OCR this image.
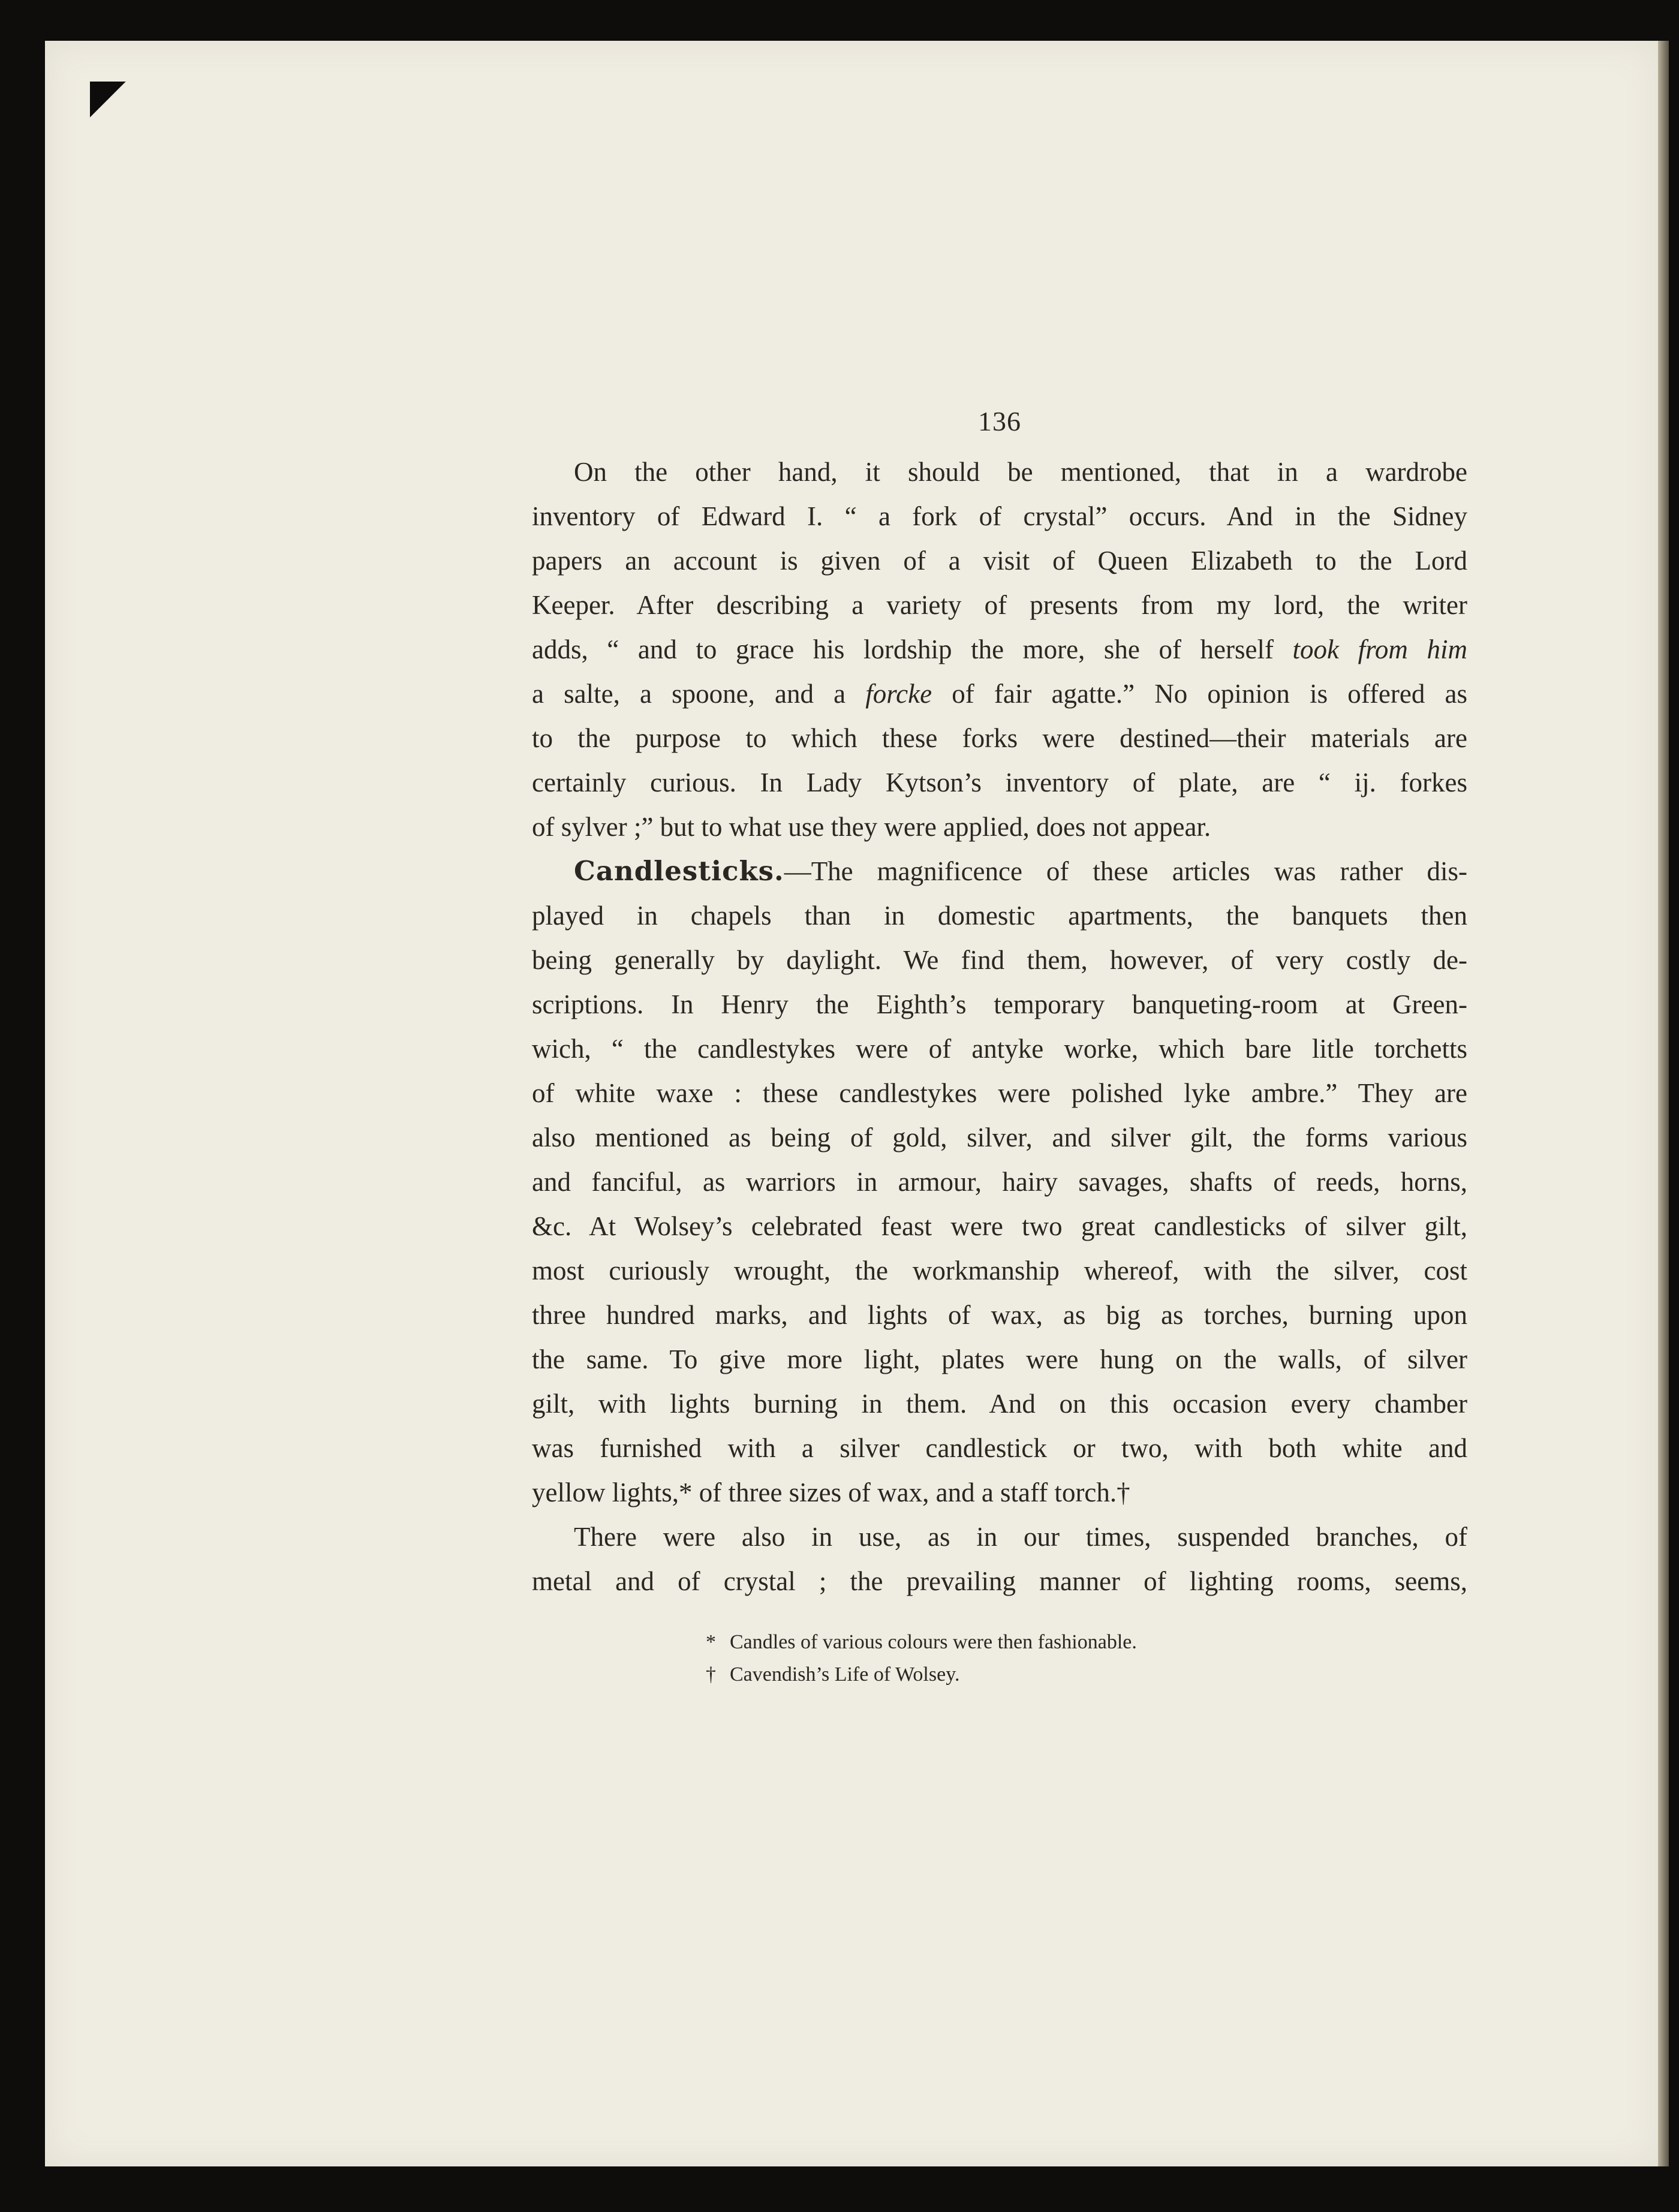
136
On the other hand, it should be mentioned, that in a wardrobe
inventory of Edward I. “ a fork of crystal” occurs. And in the Sidney
papers an account is given of a visit of Queen Elizabeth to the Lord
Keeper. After describing a variety of presents from my lord, the writer
adds, “ and to grace his lordship the more, she of herself took from him
a salte, a spoone, and a forcke of fair agatte.” No opinion is offered as
to the purpose to which these forks were destined—their materials are
certainly curious. In Lady Kytson’s inventory of plate, are “ ij. forkes
of sylver ;” but to what use they were applied, does not appear.
Candlesticks.—The magnificence of these articles was rather dis-
played in chapels than in domestic apartments, the banquets then
being generally by daylight. We find them, however, of very costly de-
scriptions. In Henry the Eighth’s temporary banqueting-room at Green-
wich, “ the candlestykes were of antyke worke, which bare litle torchetts
of white waxe : these candlestykes were polished lyke ambre.” They are
also mentioned as being of gold, silver, and silver gilt, the forms various
and fanciful, as warriors in armour, hairy savages, shafts of reeds, horns,
&c. At Wolsey’s celebrated feast were two great candlesticks of silver gilt,
most curiously wrought, the workmanship whereof, with the silver, cost
three hundred marks, and lights of wax, as big as torches, burning upon
the same. To give more light, plates were hung on the walls, of silver
gilt, with lights burning in them. And on this occasion every chamber
was furnished with a silver candlestick or two, with both white and
yellow lights,* of three sizes of wax, and a staff torch.†
There were also in use, as in our times, suspended branches, of
metal and of crystal ; the prevailing manner of lighting rooms, seems,
* Candles of various colours were then fashionable.
† Cavendish’s Life of Wolsey.
